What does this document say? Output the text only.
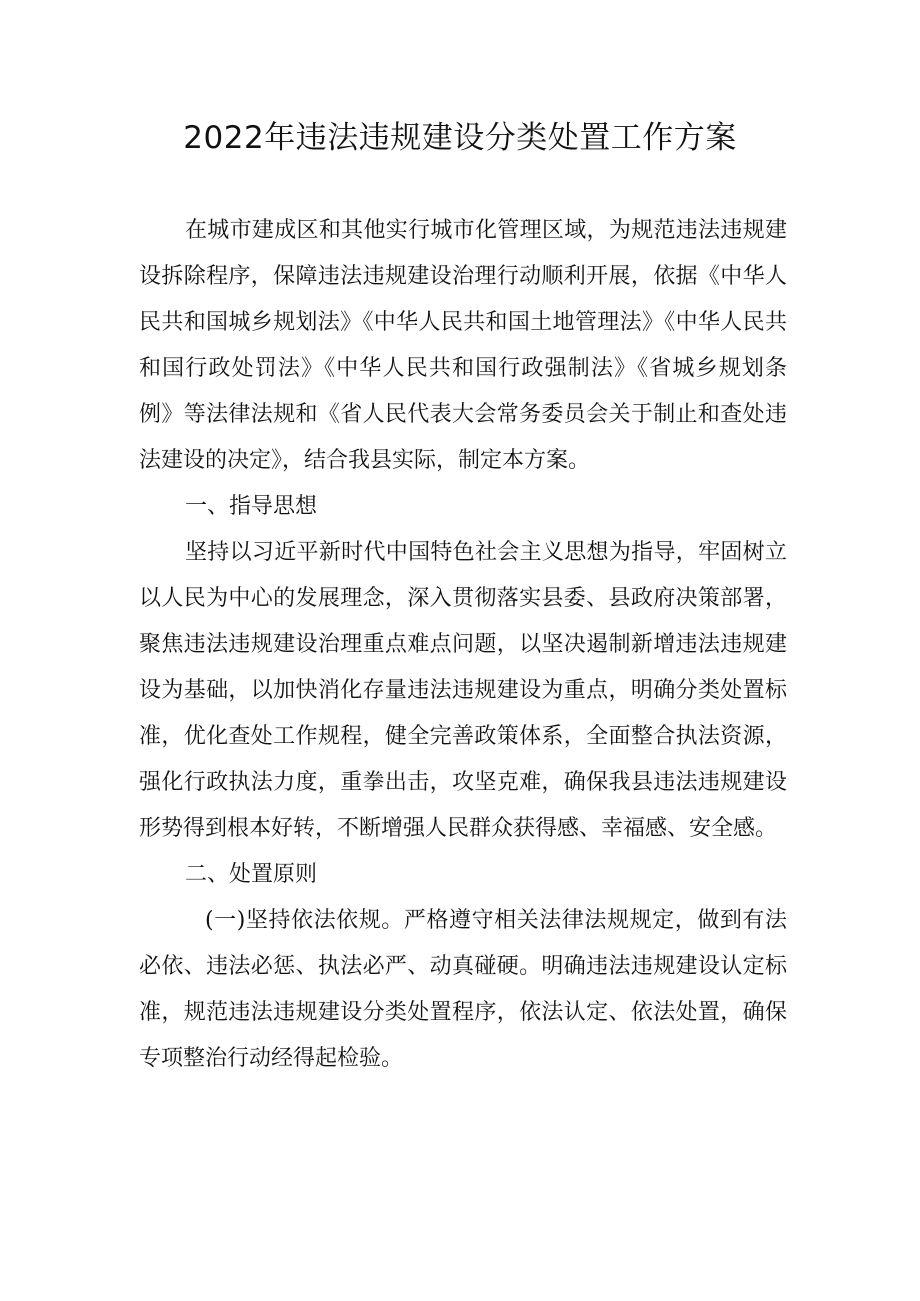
2022年违法违规建设分类处置工作方案

在城市建成区和其他实行城市化管理区域，为规范违法违规建设拆除程序，保障违法违规建设治理行动顺利开展，依据《中华人民共和国城乡规划法》《中华人民共和国土地管理法》《中华人民共和国行政处罚法》《中华人民共和国行政强制法》《省城乡规划条例》等法律法规和《省人民代表大会常务委员会关于制止和查处违法建设的决定》，结合我县实际，制定本方案。

一、指导思想

坚持以习近平新时代中国特色社会主义思想为指导，牢固树立以人民为中心的发展理念，深入贯彻落实县委、县政府决策部署，聚焦违法违规建设治理重点难点问题，以坚决遏制新增违法违规建设为基础，以加快消化存量违法违规建设为重点，明确分类处置标准，优化查处工作规程，健全完善政策体系，全面整合执法资源，强化行政执法力度，重拳出击，攻坚克难，确保我县违法违规建设形势得到根本好转，不断增强人民群众获得感、幸福感、安全感。

二、处置原则

(一)坚持依法依规。严格遵守相关法律法规规定，做到有法必依、违法必惩、执法必严、动真碰硬。明确违法违规建设认定标准，规范违法违规建设分类处置程序，依法认定、依法处置，确保专项整治行动经得起检验。
